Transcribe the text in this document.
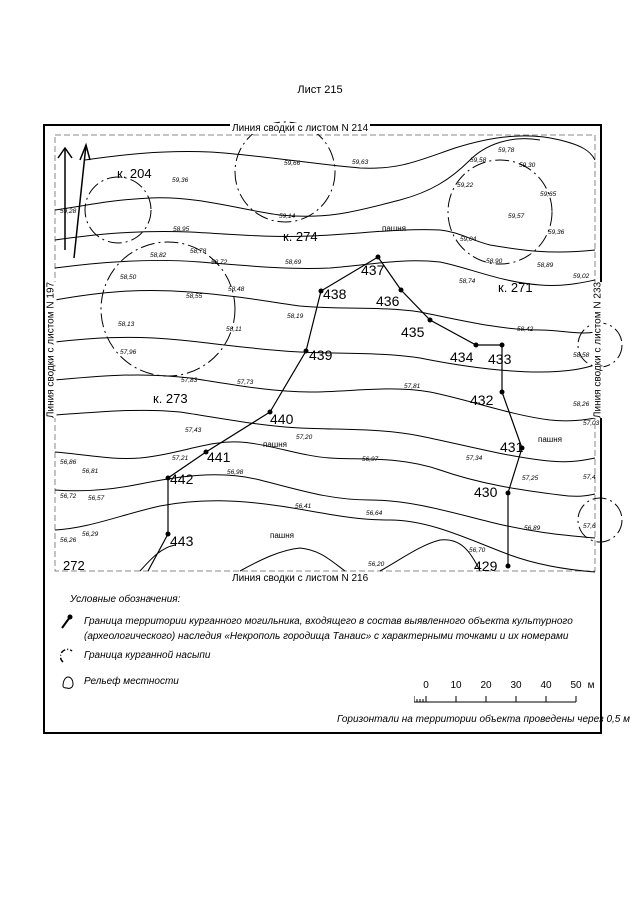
Лист 215
к. 204
к. 274
к. 271
к. 273
272
пашня
пашня
пашня
пашня
429
430
431
432
433
434
435
436
437
438
439
440
441
442
443
59,66	59,63
59,36
59,28
59,14
58,95
58,82
58,78
58,72	58,69
58,50
58,48
58,55
58,13
58,11
58,19
57,96
57,83	57,73
57,43
57,20
57,21
56,98
56,97	57,34
56,86
56,81
56,72 56,57
56,26
56,29
56,41
56,64
56,20
56,70
59,78
59,58
59,30
59,22
59,65
59,57
59,36
59,04
58,90
58,89
59,02
58,74
58,42
58,58
58,26
57,81
57,25	57,4
56,89
57,03
57,6
Линия сводки с листом N 214
Линия сводки с листом N 216
Линия сводки с листом N 197	Линия сводки с листом N 233
Условные обозначения:
Граница территории курганного могильника, входящего в состав выявленного объекта культурного (археологического) наследия «Некрополь городища Танаис» с характерными точками и их номерами
Граница курганной насыпи
Рельеф местности	0 10 20 30 40 50 м
Горизонтали на территории объекта проведены через 0,5 м
